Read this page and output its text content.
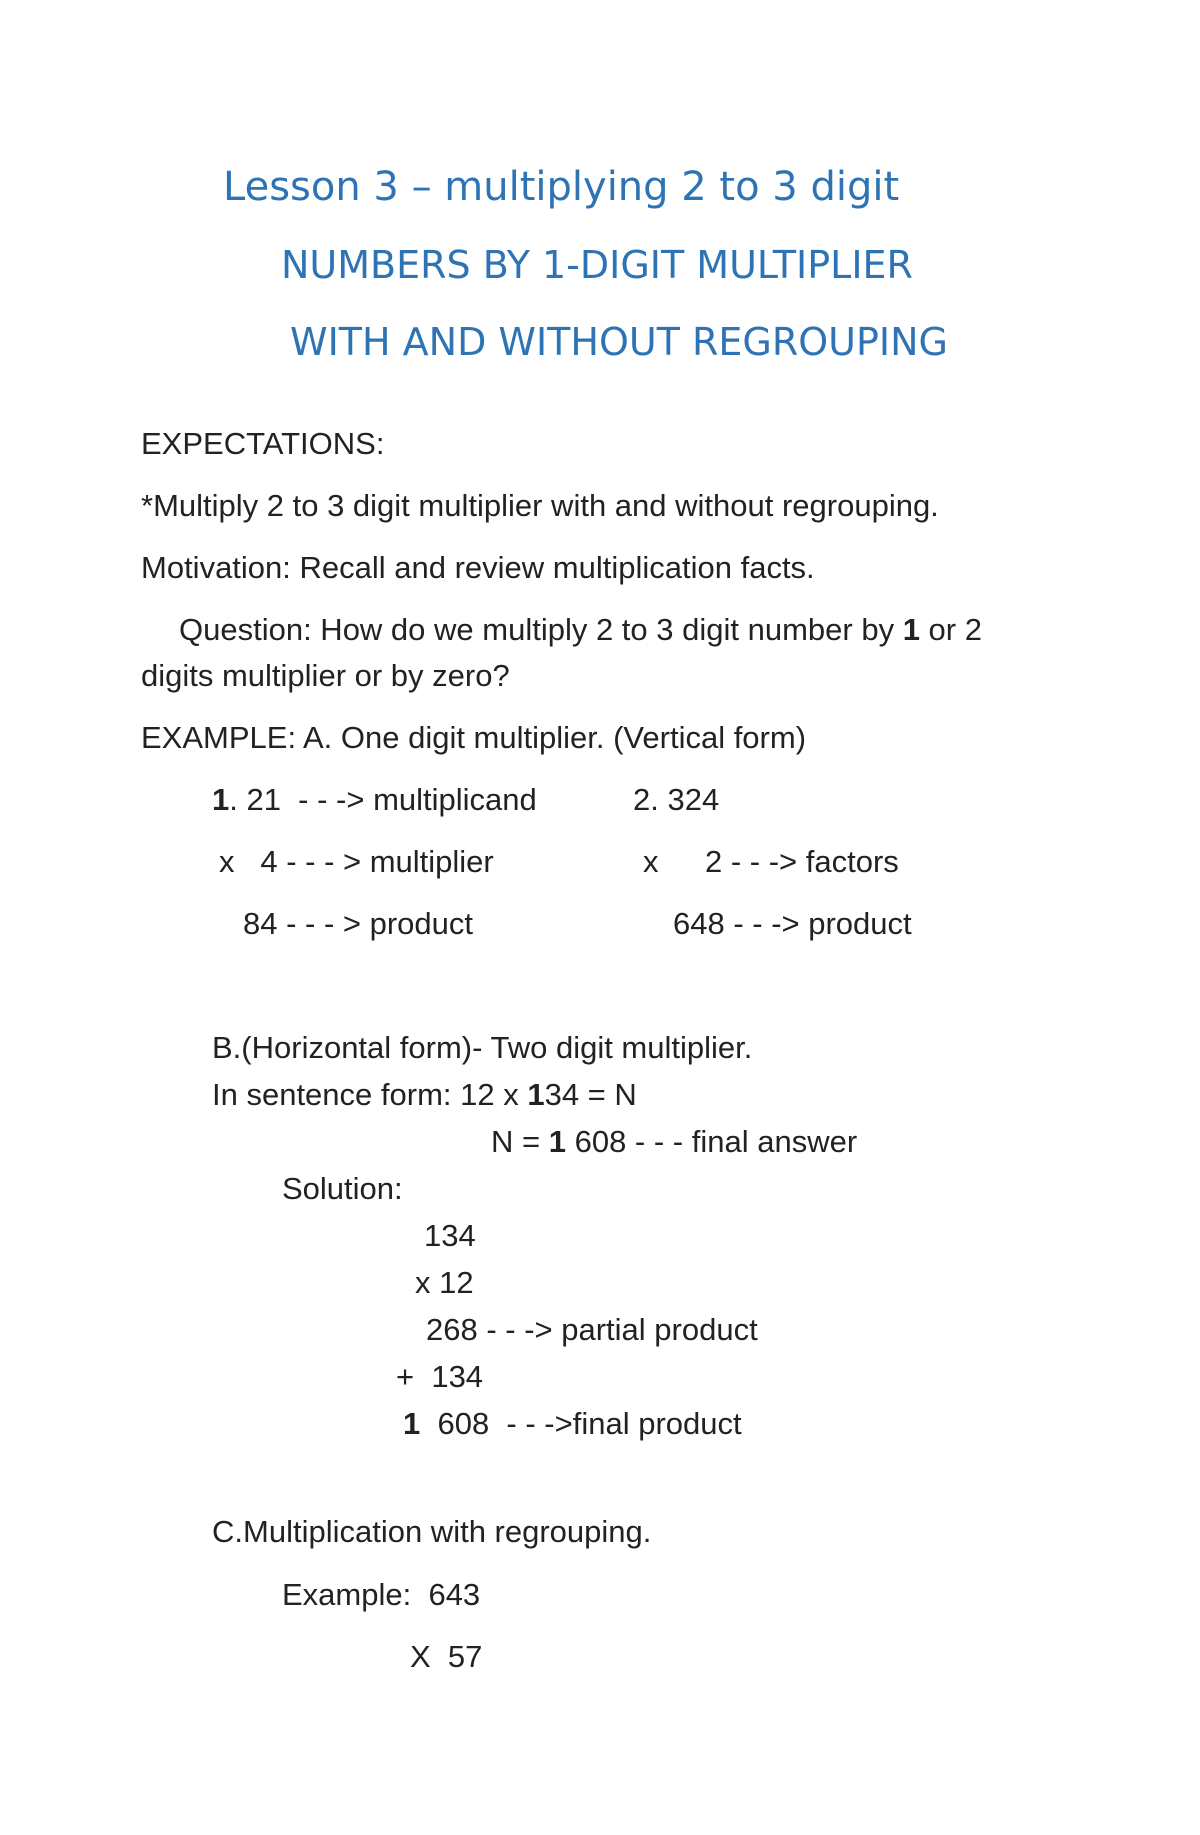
Lesson 3 – multiplying 2 to 3 digit
NUMBERS BY 1-DIGIT MULTIPLIER
WITH AND WITHOUT REGROUPING
EXPECTATIONS:
*Multiply 2 to 3 digit multiplier with and without regrouping.
Motivation: Recall and review multiplication facts.
Question: How do we multiply 2 to 3 digit number by 1 or 2
digits multiplier or by zero?
EXAMPLE: A. One digit multiplier. (Vertical form)
1. 21  - - -> multiplicand
x   4 - - - > multiplier
84 - - - > product
2. 324
x 2 - - -> factors
648 - - -> product
B.(Horizontal form)- Two digit multiplier.
In sentence form: 12 x 134 = N
N = 1 608 - - - final answer
Solution:
134
x 12
268 - - -> partial product
+  134
1  608  - - ->final product
C.Multiplication with regrouping.
Example:  643
X  57
